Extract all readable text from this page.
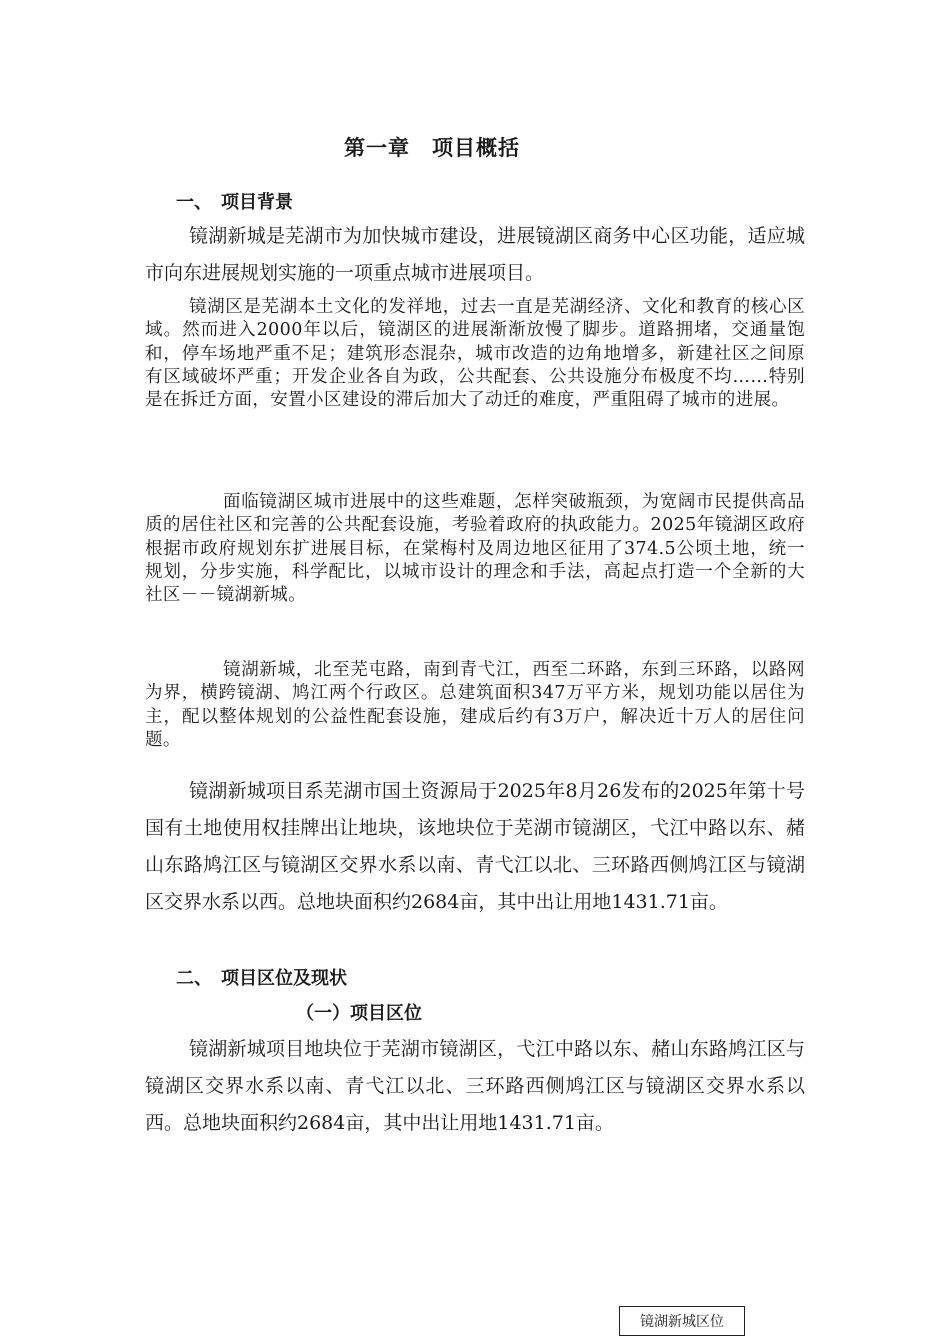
第一章　项目概括
一、　项目背景

镜湖新城是芜湖市为加快城市建设，进展镜湖区商务中心区功能，适应城市向东进展规划实施的一项重点城市进展项目。

镜湖区是芜湖本土文化的发祥地，过去一直是芜湖经济、文化和教育的核心区域。然而进入2000年以后，镜湖区的进展渐渐放慢了脚步。道路拥堵，交通量饱和，停车场地严重不足；建筑形态混杂，城市改造的边角地增多，新建社区之间原有区域破坏严重；开发企业各自为政，公共配套、公共设施分布极度不均……特别是在拆迁方面，安置小区建设的滞后加大了动迁的难度，严重阻碍了城市的进展。

面临镜湖区城市进展中的这些难题，怎样突破瓶颈，为宽阔市民提供高品质的居住社区和完善的公共配套设施，考验着政府的执政能力。2025年镜湖区政府根据市政府规划东扩进展目标，在棠梅村及周边地区征用了374.5公顷土地，统一规划，分步实施，科学配比，以城市设计的理念和手法，高起点打造一个全新的大社区－－镜湖新城。

镜湖新城，北至芜屯路，南到青弋江，西至二环路，东到三环路，以路网为界，横跨镜湖、鸠江两个行政区。总建筑面积347万平方米，规划功能以居住为主，配以整体规划的公益性配套设施，建成后约有3万户，解决近十万人的居住问题。

镜湖新城项目系芜湖市国土资源局于2025年8月26发布的2025年第十号国有土地使用权挂牌出让地块，该地块位于芜湖市镜湖区，弋江中路以东、赭山东路鸠江区与镜湖区交界水系以南、青弋江以北、三环路西侧鸠江区与镜湖区交界水系以西。总地块面积约2684亩，其中出让用地1431.71亩。

二、　项目区位及现状
（一）项目区位

镜湖新城项目地块位于芜湖市镜湖区，弋江中路以东、赭山东路鸠江区与镜湖区交界水系以南、青弋江以北、三环路西侧鸠江区与镜湖区交界水系以西。总地块面积约2684亩，其中出让用地1431.71亩。

镜湖新城区位
